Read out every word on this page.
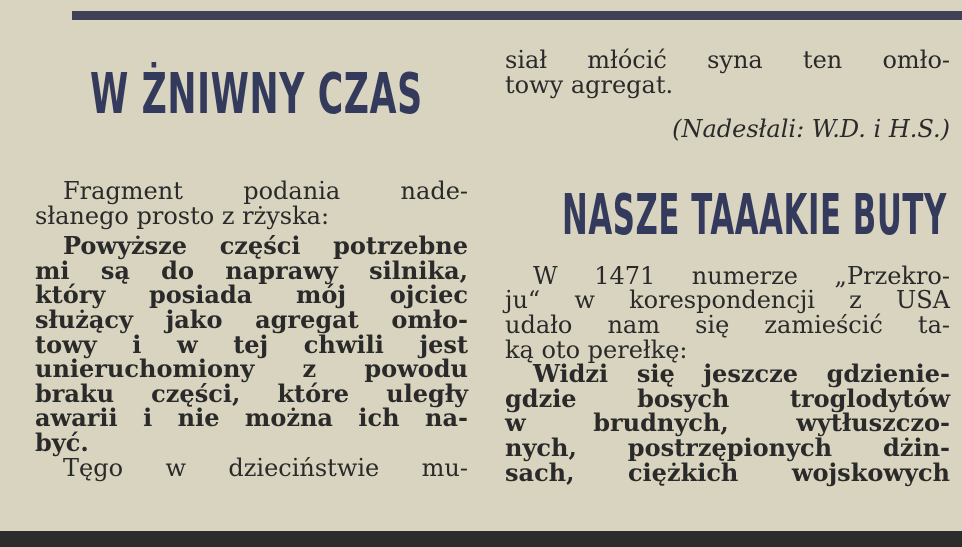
W ŻNIWNY CZAS
NASZE TAAAKIE BUTY
Fragment podania nade-
słanego prosto z rżyska:
Powyższe części potrzebne
mi są do naprawy silnika,
który posiada mój ojciec
służący jako agregat omło-
towy i w tej chwili jest
unieruchomiony z powodu
braku części, które uległy
awarii i nie można ich na-
być.
Tęgo w dzieciństwie mu-
siał młócić syna ten omło-
towy agregat.
(Nadesłali: W.D. i H.S.)
W 1471 numerze „Przekro-
ju“ w korespondencji z USA
udało nam się zamieścić ta-
ką oto perełkę:
Widzi się jeszcze gdzienie-
gdzie bosych troglodytów
w brudnych, wytłuszczo-
nych, postrzępionych dżin-
sach, ciężkich wojskowych
